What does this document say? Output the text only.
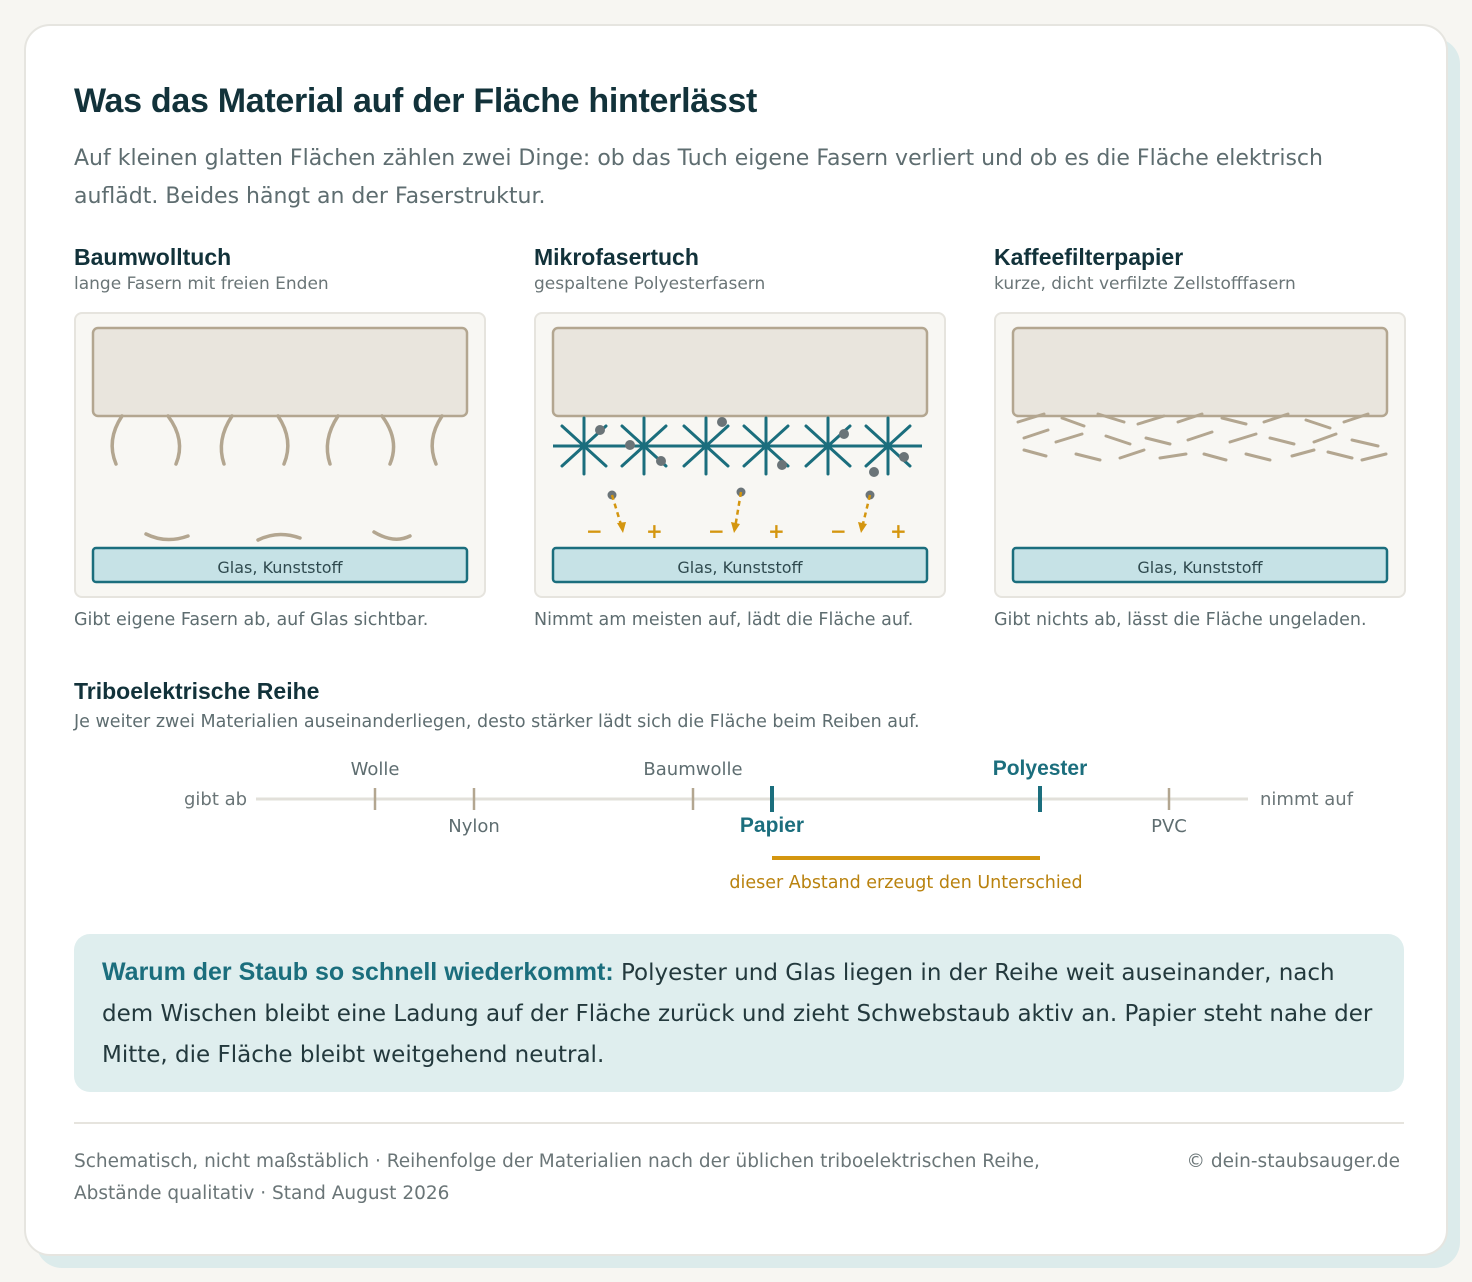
Was das Material auf der Fläche hinterlässt

Auf kleinen glatten Flächen zählen zwei Dinge: ob das Tuch eigene Fasern verliert und ob es die Fläche elektrisch auflädt. Beides hängt an der Faserstruktur.

Baumwolltuch
lange Fasern mit freien Enden
Glas, Kunststoff
Gibt eigene Fasern ab, auf Glas sichtbar.
Mikrofasertuch
gespaltene Polyesterfasern
− + − + − +
Glas, Kunststoff
Nimmt am meisten auf, lädt die Fläche auf.
Kaffeefilterpapier
kurze, dicht verfilzte Zellstofffasern
Glas, Kunststoff
Gibt nichts ab, lässt die Fläche ungeladen.
Triboelektrische Reihe
Je weiter zwei Materialien auseinanderliegen, desto stärker lädt sich die Fläche beim Reiben auf.
gibt ab	nimmt auf
Wolle
Nylon
Baumwolle
Papier
Polyester
PVC
dieser Abstand erzeugt den Unterschied
Warum der Staub so schnell wiederkommt: Polyester und Glas liegen in der Reihe weit auseinander, nach dem Wischen bleibt eine Ladung auf der Fläche zurück und zieht Schwebstaub aktiv an. Papier steht nahe der Mitte, die Fläche bleibt weitgehend neutral.
Schematisch, nicht maßstäblich · Reihenfolge der Materialien nach der üblichen triboelektrischen Reihe, Abstände qualitativ · Stand August 2026
© dein-staubsauger.de
